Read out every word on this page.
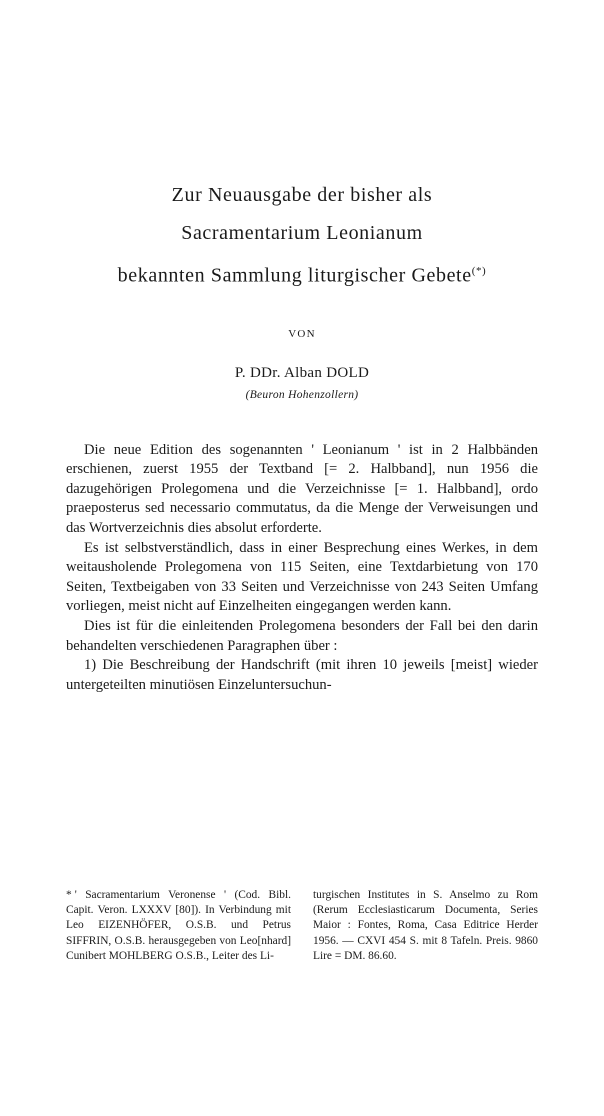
Zur Neuausgabe der bisher als
Sacramentarium Leonianum
bekannten Sammlung liturgischer Gebete(*)
VON
P. DDr. Alban DOLD
(Beuron Hohenzollern)

Die neue Edition des sogenannten ' Leonianum ' ist in 2 Halbbänden erschienen, zuerst 1955 der Textband [= 2. Halbband], nun 1956 die dazugehörigen Prolegomena und die Verzeichnisse [= 1. Halbband], ordo praeposterus sed necessario commutatus, da die Menge der Verweisungen und das Wortverzeichnis dies absolut erforderte.

Es ist selbstverständlich, dass in einer Besprechung eines Werkes, in dem weitausholende Prolegomena von 115 Seiten, eine Textdarbietung von 170 Seiten, Textbeigaben von 33 Seiten und Verzeichnisse von 243 Seiten Umfang vorliegen, meist nicht auf Einzelheiten eingegangen werden kann.

Dies ist für die einleitenden Prolegomena besonders der Fall bei den darin behandelten verschiedenen Paragraphen über :

1) Die Beschreibung der Handschrift (mit ihren 10 jeweils [meist] wieder untergeteilten minutiösen Einzeluntersuchun-

* ' Sacramentarium Veronense ' (Cod. Bibl. Capit. Veron. LXXXV [80]). In Verbindung mit Leo EIZENHÖFER, O.S.B. und Petrus SIFFRIN, O.S.B. herausgegeben von Leo[nhard] Cunibert MOHLBERG O.S.B., Leiter des Li-

turgischen Institutes in S. Anselmo zu Rom (Rerum Ecclesiasticarum Documenta, Series Maior : Fontes, Roma, Casa Editrice Herder 1956. — CXVI 454 S. mit 8 Tafeln. Preis. 9860 Lire = DM. 86.60.
